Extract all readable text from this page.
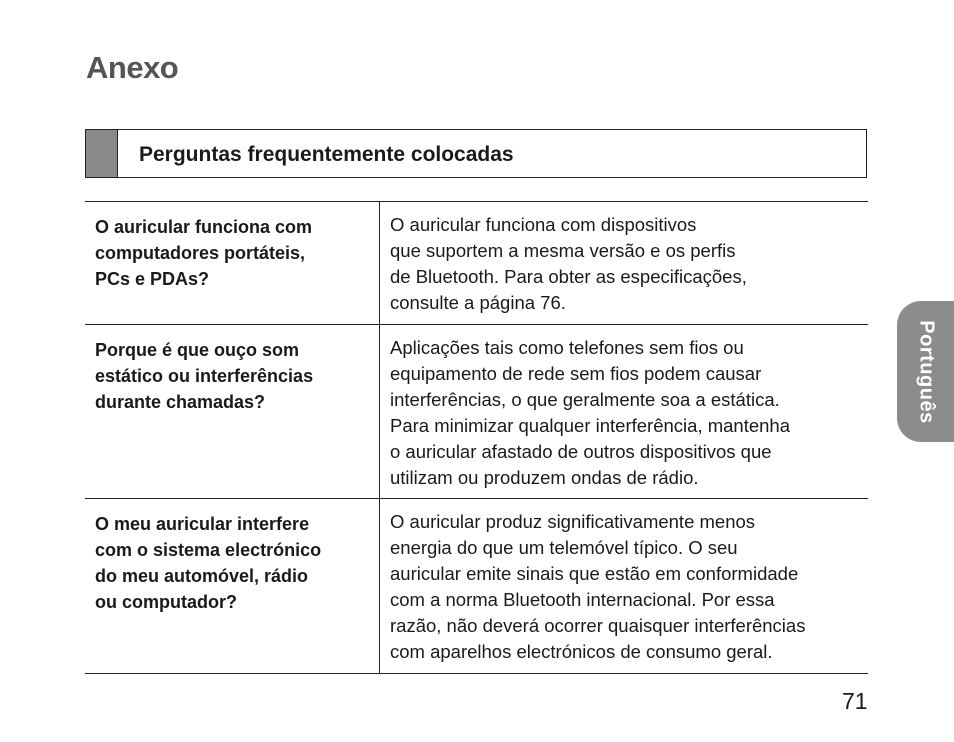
Anexo
Perguntas frequentemente colocadas
O auricular funciona com
computadores portáteis,
PCs e PDAs?
O auricular funciona com dispositivos
que suportem a mesma versão e os perfis
de Bluetooth. Para obter as especificações,
consulte a página 76.
Porque é que ouço som
estático ou interferências
durante chamadas?
Aplicações tais como telefones sem fios ou
equipamento de rede sem fios podem causar
interferências, o que geralmente soa a estática.
Para minimizar qualquer interferência, mantenha
o auricular afastado de outros dispositivos que
utilizam ou produzem ondas de rádio.
O meu auricular interfere
com o sistema electrónico
do meu automóvel, rádio
ou computador?
O auricular produz significativamente menos
energia do que um telemóvel típico. O seu
auricular emite sinais que estão em conformidade
com a norma Bluetooth internacional. Por essa
razão, não deverá ocorrer quaisquer interferências
com aparelhos electrónicos de consumo geral.
Português
71
